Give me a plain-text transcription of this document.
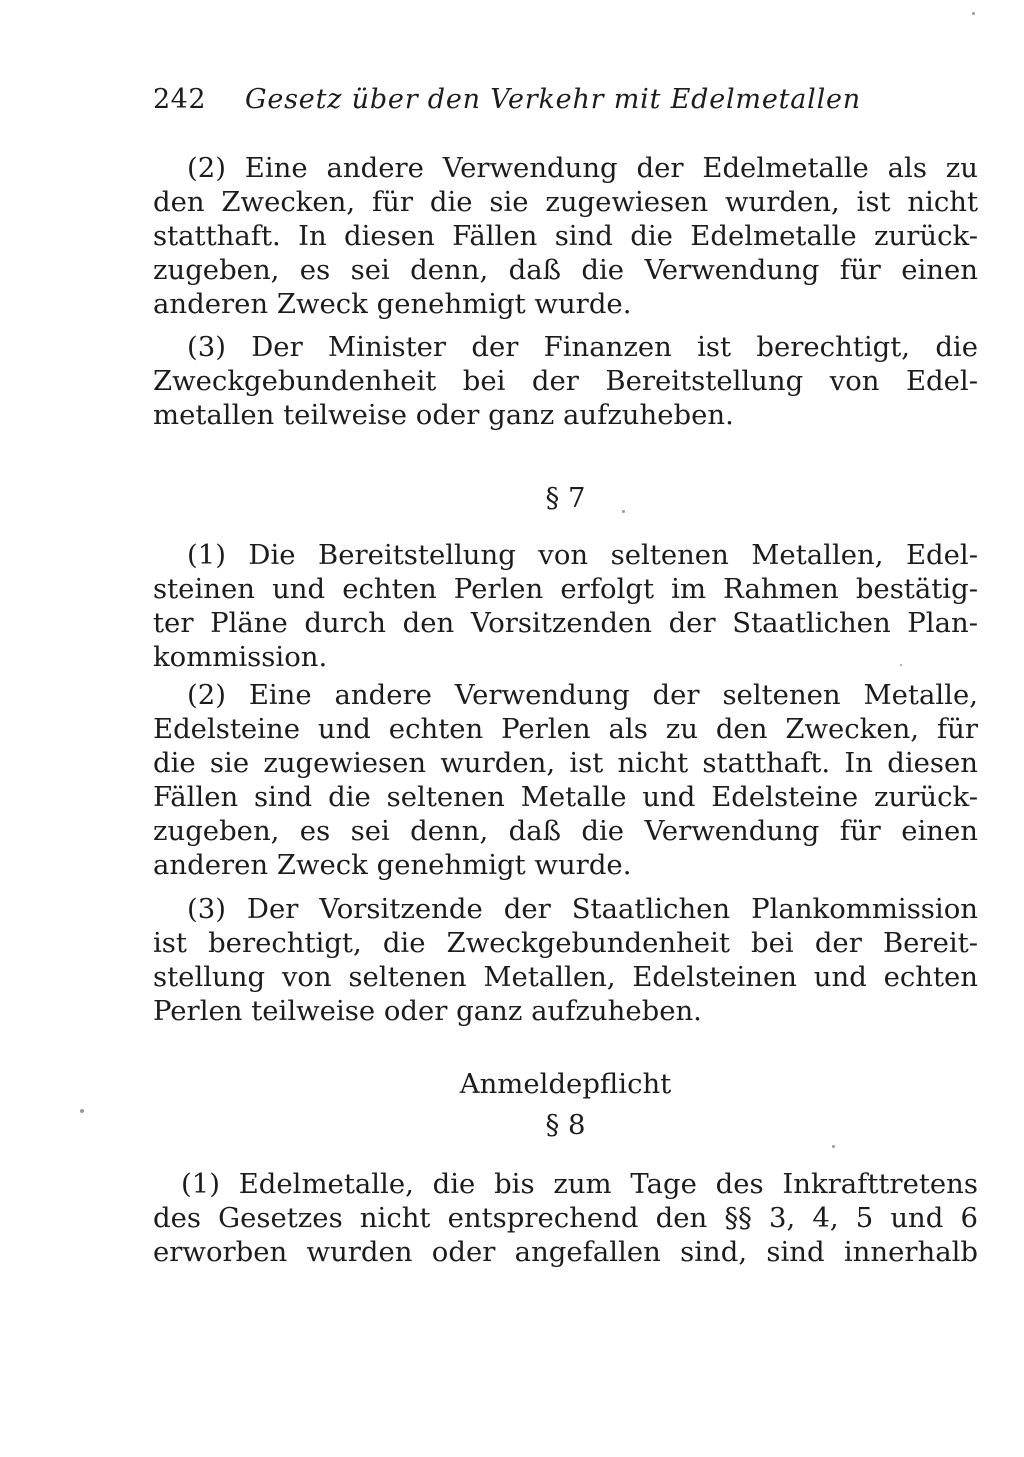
242 Gesetz über den Verkehr mit Edelmetallen
(2) Eine andere Verwendung der Edelmetalle als zu
den Zwecken, für die sie zugewiesen wurden, ist nicht
statthaft. In diesen Fällen sind die Edelmetalle zurück-
zugeben, es sei denn, daß die Verwendung für einen
anderen Zweck genehmigt wurde.
(3) Der Minister der Finanzen ist berechtigt, die
Zweckgebundenheit bei der Bereitstellung von Edel-
metallen teilweise oder ganz aufzuheben.
§ 7
(1) Die Bereitstellung von seltenen Metallen, Edel-
steinen und echten Perlen erfolgt im Rahmen bestätig-
ter Pläne durch den Vorsitzenden der Staatlichen Plan-
kommission.
(2) Eine andere Verwendung der seltenen Metalle,
Edelsteine und echten Perlen als zu den Zwecken, für
die sie zugewiesen wurden, ist nicht statthaft. In diesen
Fällen sind die seltenen Metalle und Edelsteine zurück-
zugeben, es sei denn, daß die Verwendung für einen
anderen Zweck genehmigt wurde.
(3) Der Vorsitzende der Staatlichen Plankommission
ist berechtigt, die Zweckgebundenheit bei der Bereit-
stellung von seltenen Metallen, Edelsteinen und echten
Perlen teilweise oder ganz aufzuheben.
Anmeldepflicht
§ 8
(1) Edelmetalle, die bis zum Tage des Inkrafttretens
des Gesetzes nicht entsprechend den §§ 3, 4, 5 und 6
erworben wurden oder angefallen sind, sind innerhalb
